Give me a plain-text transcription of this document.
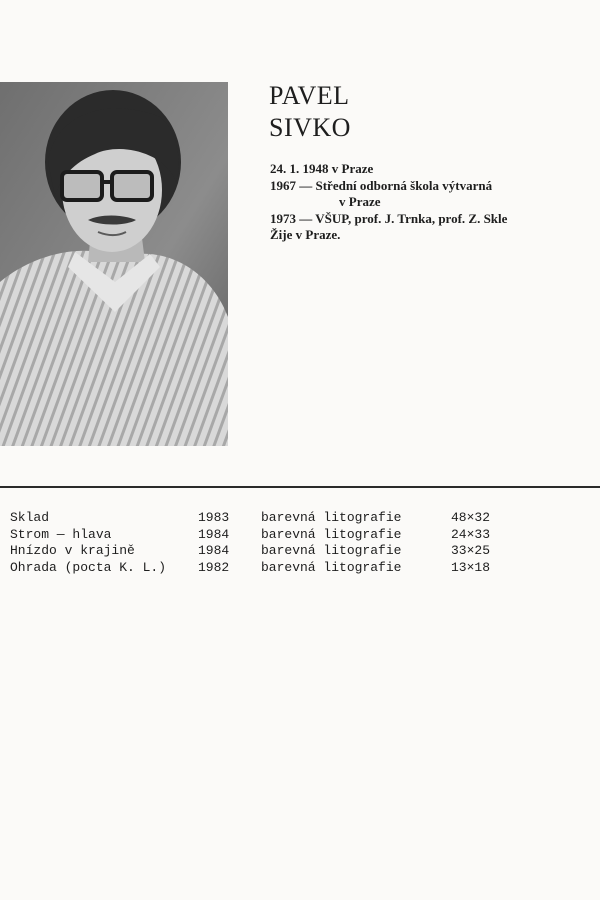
PAVEL
SIVKO
24. 1. 1948 v Praze
1967 — Střední odborná škola výtvarná
v Praze
1973 — VŠUP, prof. J. Trnka, prof. Z. Skle
Žije v Praze.
Sklad	1983 barevná litografie	48×32
Strom — hlava	1984 barevná litografie	24×33
Hnízdo v krajině	1984 barevná litografie	33×25
Ohrada (pocta K. L.) 1982 barevná litografie	13×18
